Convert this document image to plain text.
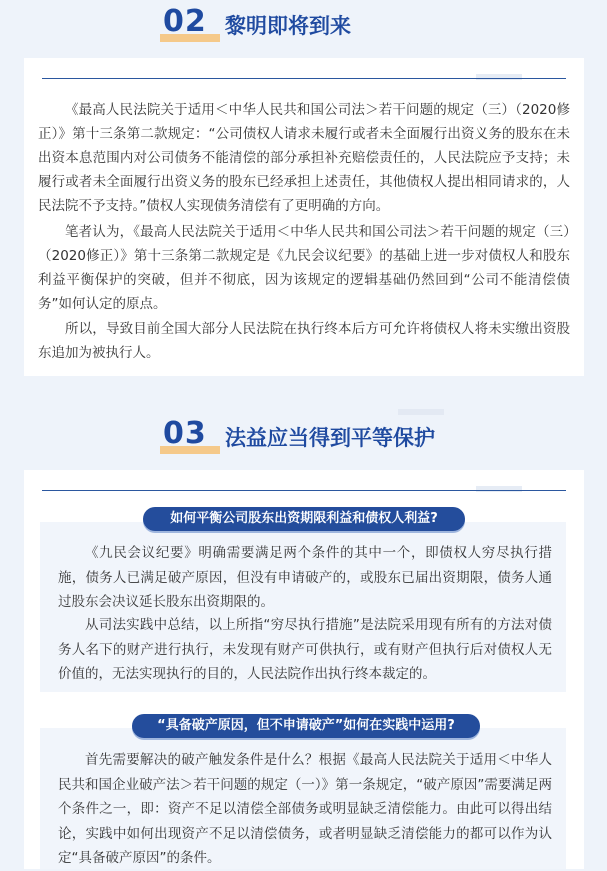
02 黎明即将到来

《最高人民法院关于适用＜中华人民共和国公司法＞若干问题的规定（三）（2020修正）》第十三条第二款规定：“公司债权人请求未履行或者未全面履行出资义务的股东在未出资本息范围内对公司债务不能清偿的部分承担补充赔偿责任的，人民法院应予支持；未履行或者未全面履行出资义务的股东已经承担上述责任，其他债权人提出相同请求的，人民法院不予支持。”债权人实现债务清偿有了更明确的方向。

笔者认为，《最高人民法院关于适用＜中华人民共和国公司法＞若干问题的规定（三）（2020修正）》第十三条第二款规定是《九民会议纪要》的基础上进一步对债权人和股东利益平衡保护的突破，但并不彻底，因为该规定的逻辑基础仍然回到“公司不能清偿债务”如何认定的原点。

所以，导致目前全国大部分人民法院在执行终本后方可允许将债权人将未实缴出资股东追加为被执行人。

03 法益应当得到平等保护
如何平衡公司股东出资期限利益和债权人利益?

《九民会议纪要》明确需要满足两个条件的其中一个，即债权人穷尽执行措施，债务人已满足破产原因，但没有申请破产的，或股东已届出资期限，债务人通过股东会决议延长股东出资期限的。

从司法实践中总结，以上所指“穷尽执行措施”是法院采用现有所有的方法对债务人名下的财产进行执行，未发现有财产可供执行，或有财产但执行后对债权人无价值的，无法实现执行的目的，人民法院作出执行终本裁定的。

“具备破产原因，但不申请破产”如何在实践中运用?

首先需要解决的破产触发条件是什么？根据《最高人民法院关于适用＜中华人民共和国企业破产法＞若干问题的规定（一）》第一条规定，“破产原因”需要满足两个条件之一，即：资产不足以清偿全部债务或明显缺乏清偿能力。由此可以得出结论，实践中如何出现资产不足以清偿债务，或者明显缺乏清偿能力的都可以作为认定“具备破产原因”的条件。
